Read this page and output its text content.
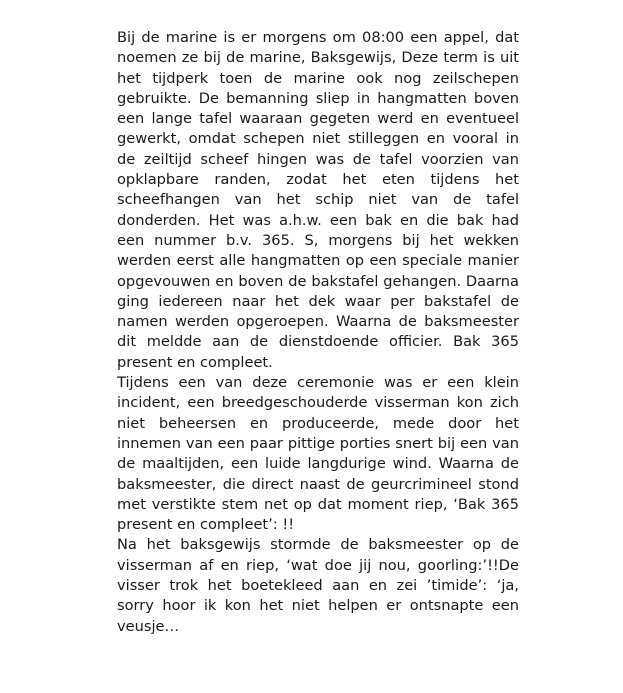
Bij de marine is er morgens om 08:00 een appel, dat noemen ze bij de marine, Baksgewijs, Deze term is uit het tijdperk toen de marine ook nog zeilschepen gebruikte. De bemanning sliep in hangmatten boven een lange tafel waaraan gegeten werd en eventueel gewerkt, omdat schepen niet stilleggen en vooral in de zeiltijd scheef hingen was de tafel voorzien van opklapbare randen, zodat het eten tijdens het scheefhangen van het schip niet van de tafel donderden. Het was a.h.w. een bak en die bak had een nummer b.v. 365. S, morgens bij het wekken werden eerst alle hangmatten op een speciale manier opgevouwen en boven de bakstafel gehangen. Daarna ging iedereen naar het dek waar per bakstafel de namen werden opgeroepen. Waarna de baksmeester dit meldde aan de dienstdoende officier. Bak 365 present en compleet.

Tijdens een van deze ceremonie was er een klein incident, een breedgeschouderde visserman kon zich niet beheersen en produceerde, mede door het innemen van een paar pittige porties snert bij een van de maaltijden, een luide langdurige wind. Waarna de baksmeester, die direct naast de geurcrimineel stond met verstikte stem net op dat moment riep, ‘Bak 365 present en compleet’: !!

Na het baksgewijs stormde de baksmeester op de visserman af en riep, ‘wat doe jij nou, goorling:’!!De visser trok het boetekleed aan en zei ’timide’: ‘ja, sorry hoor ik kon het niet helpen er ontsnapte een veusje…
